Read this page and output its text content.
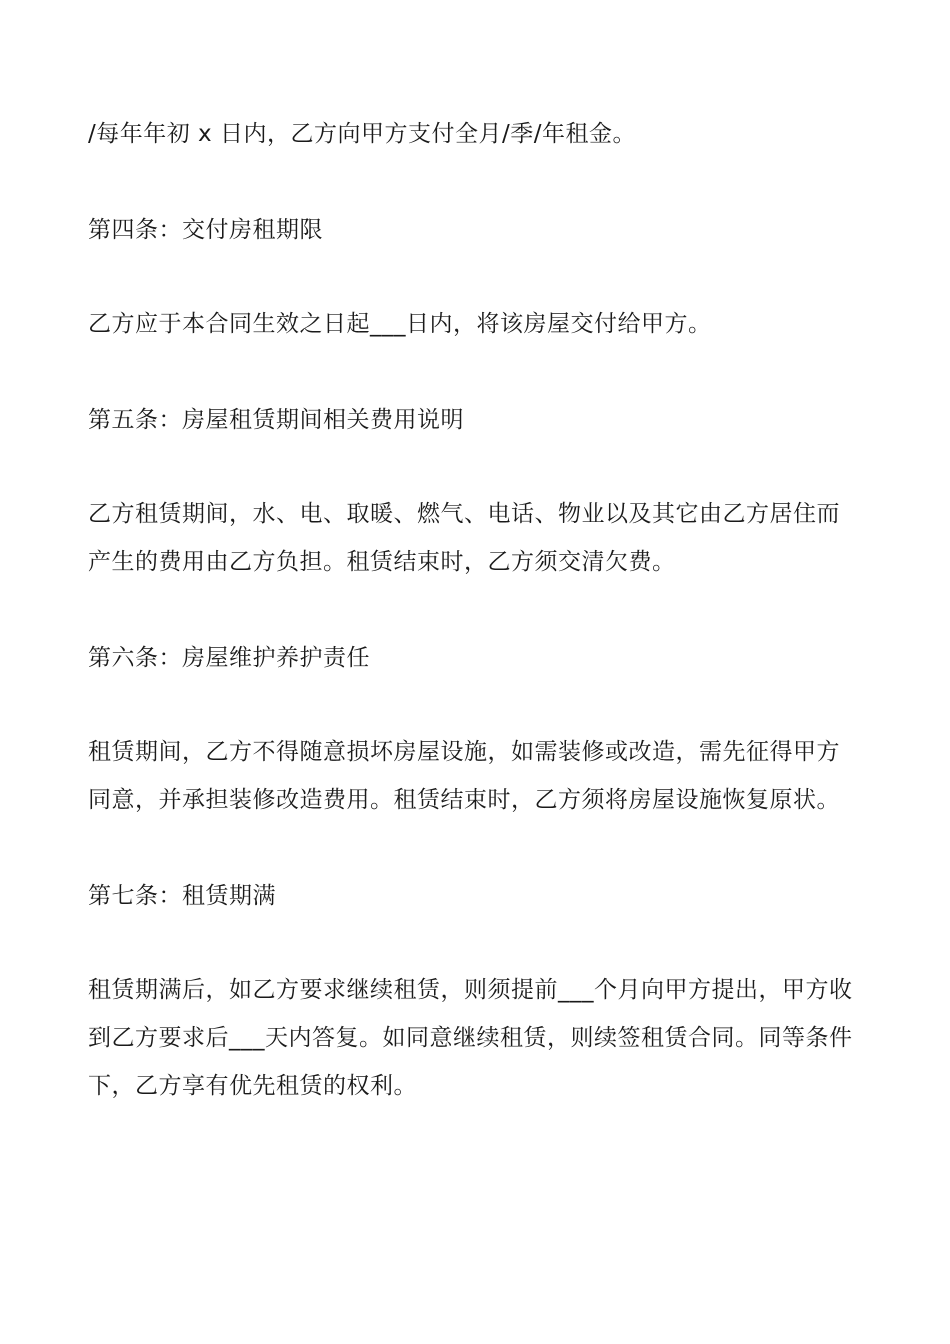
/每年年初 x 日内，乙方向甲方支付全月/季/年租金。

第四条：交付房租期限

乙方应于本合同生效之日起___日内，将该房屋交付给甲方。

第五条：房屋租赁期间相关费用说明

乙方租赁期间，水、电、取暖、燃气、电话、物业以及其它由乙方居住而

产生的费用由乙方负担。租赁结束时，乙方须交清欠费。

第六条：房屋维护养护责任

租赁期间，乙方不得随意损坏房屋设施，如需装修或改造，需先征得甲方

同意，并承担装修改造费用。租赁结束时，乙方须将房屋设施恢复原状。

第七条：租赁期满

租赁期满后，如乙方要求继续租赁，则须提前___个月向甲方提出，甲方收

到乙方要求后___天内答复。如同意继续租赁，则续签租赁合同。同等条件

下，乙方享有优先租赁的权利。
